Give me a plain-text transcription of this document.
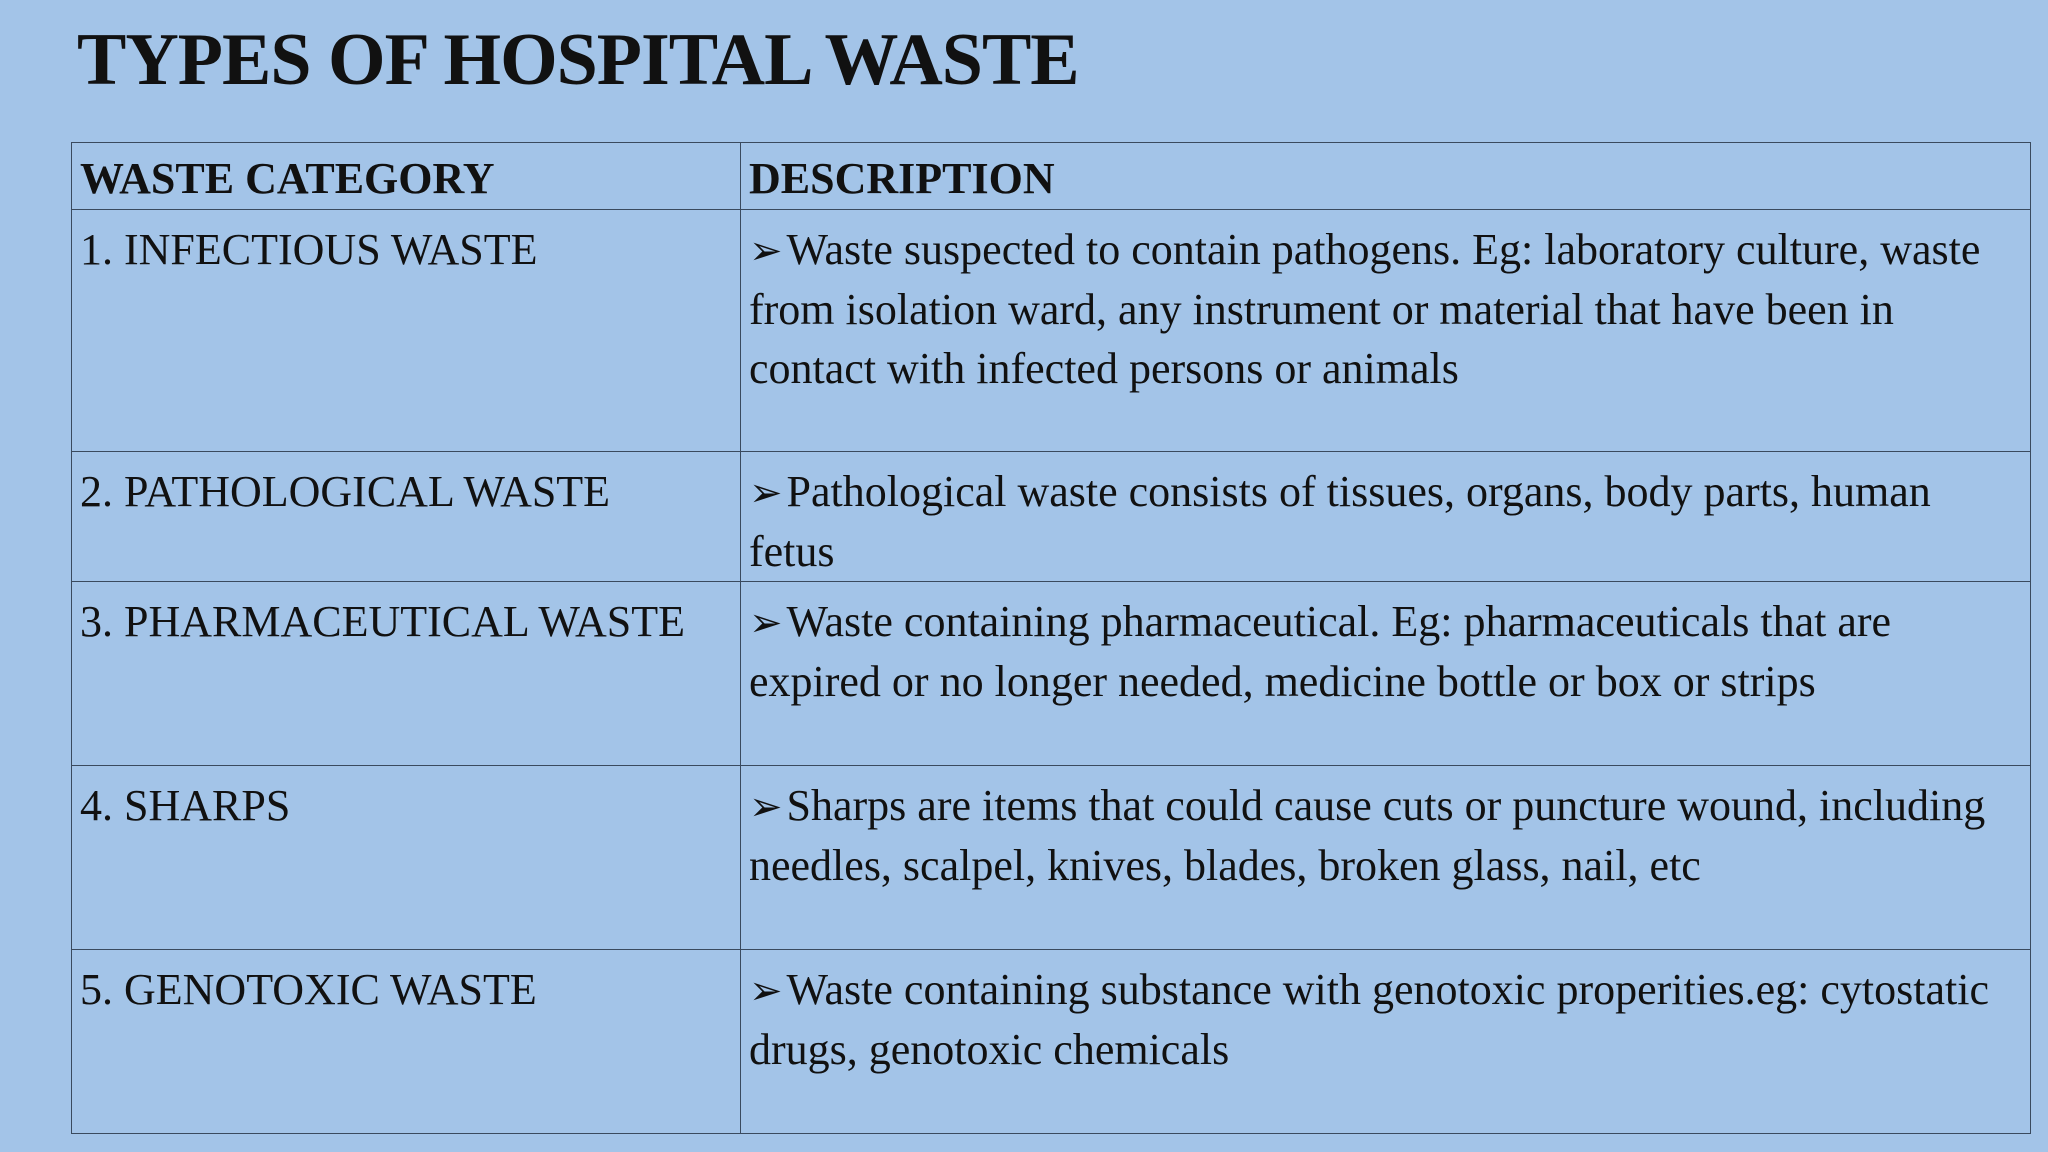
TYPES OF HOSPITAL WASTE
WASTE CATEGORY	DESCRIPTION
1. INFECTIOUS WASTE	➢Waste suspected to contain pathogens. Eg: laboratory culture, waste from isolation ward, any instrument or material that have been in contact with infected persons or animals
2. PATHOLOGICAL WASTE	➢Pathological waste consists of tissues, organs, body parts, human fetus
3. PHARMACEUTICAL WASTE	➢Waste containing pharmaceutical. Eg: pharmaceuticals that are expired or no longer needed, medicine bottle or box or strips
4. SHARPS	➢Sharps are items that could cause cuts or puncture wound, including needles, scalpel, knives, blades, broken glass, nail, etc
5. GENOTOXIC WASTE	➢Waste containing substance with genotoxic properities.eg: cytostatic drugs, genotoxic chemicals
